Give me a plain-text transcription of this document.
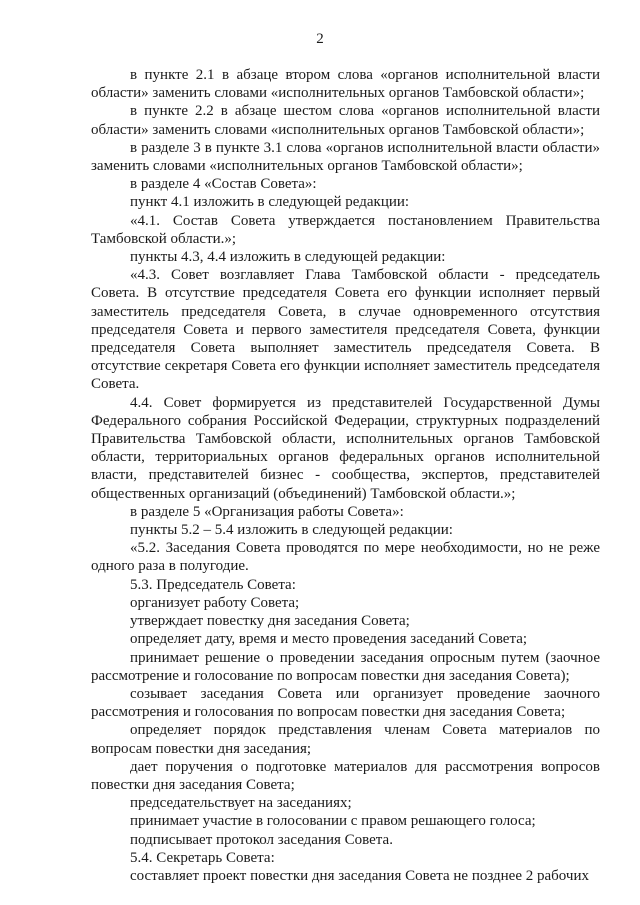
2

в пункте 2.1 в абзаце втором слова «органов исполнительной власти области» заменить словами «исполнительных органов Тамбовской области»;

в пункте 2.2 в абзаце шестом слова «органов исполнительной власти области» заменить словами «исполнительных органов Тамбовской области»;

в разделе 3 в пункте 3.1 слова «органов исполнительной власти области» заменить словами «исполнительных органов Тамбовской области»;

в разделе 4 «Состав Совета»:

пункт 4.1 изложить в следующей редакции:

«4.1. Состав Совета утверждается постановлением Правительства Тамбовской области.»;

пункты 4.3, 4.4 изложить в следующей редакции:

«4.3. Совет возглавляет Глава Тамбовской области - председатель Совета. В отсутствие председателя Совета его функции исполняет первый заместитель председателя Совета, в случае одновременного отсутствия председателя Совета и первого заместителя председателя Совета, функции председателя Совета выполняет заместитель председателя Совета. В отсутствие секретаря Совета его функции исполняет заместитель председателя Совета.

4.4. Совет формируется из представителей Государственной Думы Федерального собрания Российской Федерации, структурных подразделений Правительства Тамбовской области, исполнительных органов Тамбовской области, территориальных органов федеральных органов исполнительной власти, представителей бизнес - сообщества, экспертов, представителей общественных организаций (объединений) Тамбовской области.»;

в разделе 5 «Организация работы Совета»:

пункты 5.2 – 5.4 изложить в следующей редакции:

«5.2. Заседания Совета проводятся по мере необходимости, но не реже одного раза в полугодие.

5.3. Председатель Совета:

организует работу Совета;

утверждает повестку дня заседания Совета;

определяет дату, время и место проведения заседаний Совета;

принимает решение о проведении заседания опросным путем (заочное рассмотрение и голосование по вопросам повестки дня заседания Совета);

созывает заседания Совета или организует проведение заочного рассмотрения и голосования по вопросам повестки дня заседания Совета;

определяет порядок представления членам Совета материалов по вопросам повестки дня заседания;

дает поручения о подготовке материалов для рассмотрения вопросов повестки дня заседания Совета;

председательствует на заседаниях;

принимает участие в голосовании с правом решающего голоса;

подписывает протокол заседания Совета.

5.4. Секретарь Совета:

составляет проект повестки дня заседания Совета не позднее 2 рабочих
